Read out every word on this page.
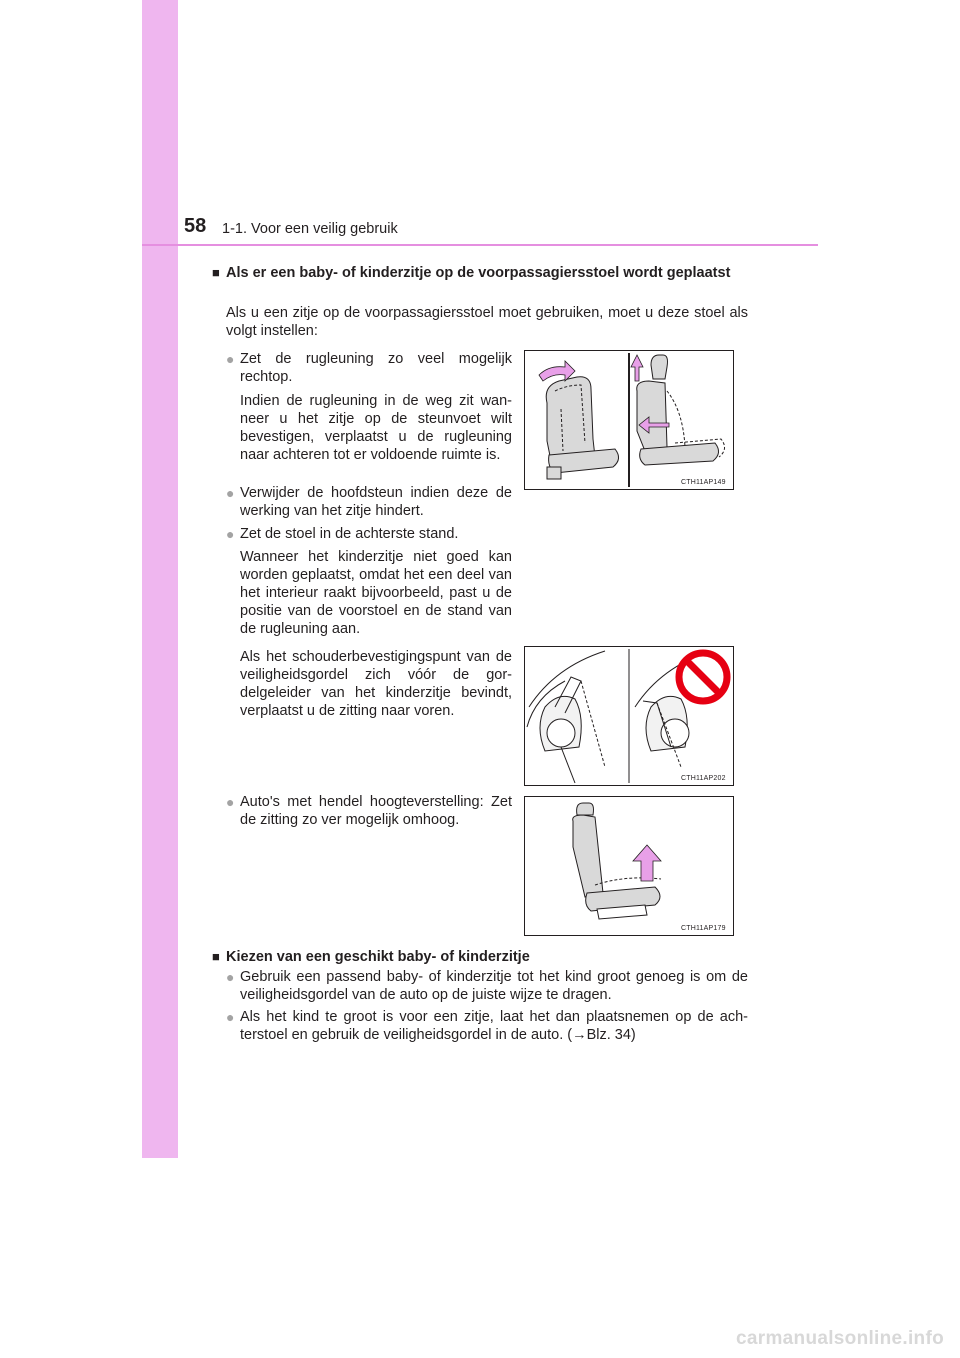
58 1-1. Voor een veilig gebruik
■ Als er een baby- of kinderzitje op de voorpassagiersstoel wordt geplaatst
Als u een zitje op de voorpassagiersstoel moet gebruiken, moet u deze stoel als volgt instellen:
● Zet de rugleuning zo veel mogelijk rechtop.
Indien de rugleuning in de weg zit wan-neer u het zitje op de steunvoet wilt bevestigen, verplaatst u de rugleuning naar achteren tot er voldoende ruimte is.
● Verwijder de hoofdsteun indien deze de werking van het zitje hindert.
● Zet de stoel in de achterste stand.
Wanneer het kinderzitje niet goed kan worden geplaatst, omdat het een deel van het interieur raakt bijvoorbeeld, past u de positie van de voorstoel en de stand van de rugleuning aan.
Als het schouderbevestigingspunt van de veiligheidsgordel zich vóór de gor-delgeleider van het kinderzitje bevindt, verplaatst u de zitting naar voren.
● Auto's met hendel hoogteverstelling: Zet de zitting zo ver mogelijk omhoog.
CTH11AP149
CTH11AP202
CTH11AP179
■ Kiezen van een geschikt baby- of kinderzitje
● Gebruik een passend baby- of kinderzitje tot het kind groot genoeg is om de veiligheidsgordel van de auto op de juiste wijze te dragen.
● Als het kind te groot is voor een zitje, laat het dan plaatsnemen op de ach-terstoel en gebruik de veiligheidsgordel in de auto. (→Blz. 34)
carmanualsonline.info
